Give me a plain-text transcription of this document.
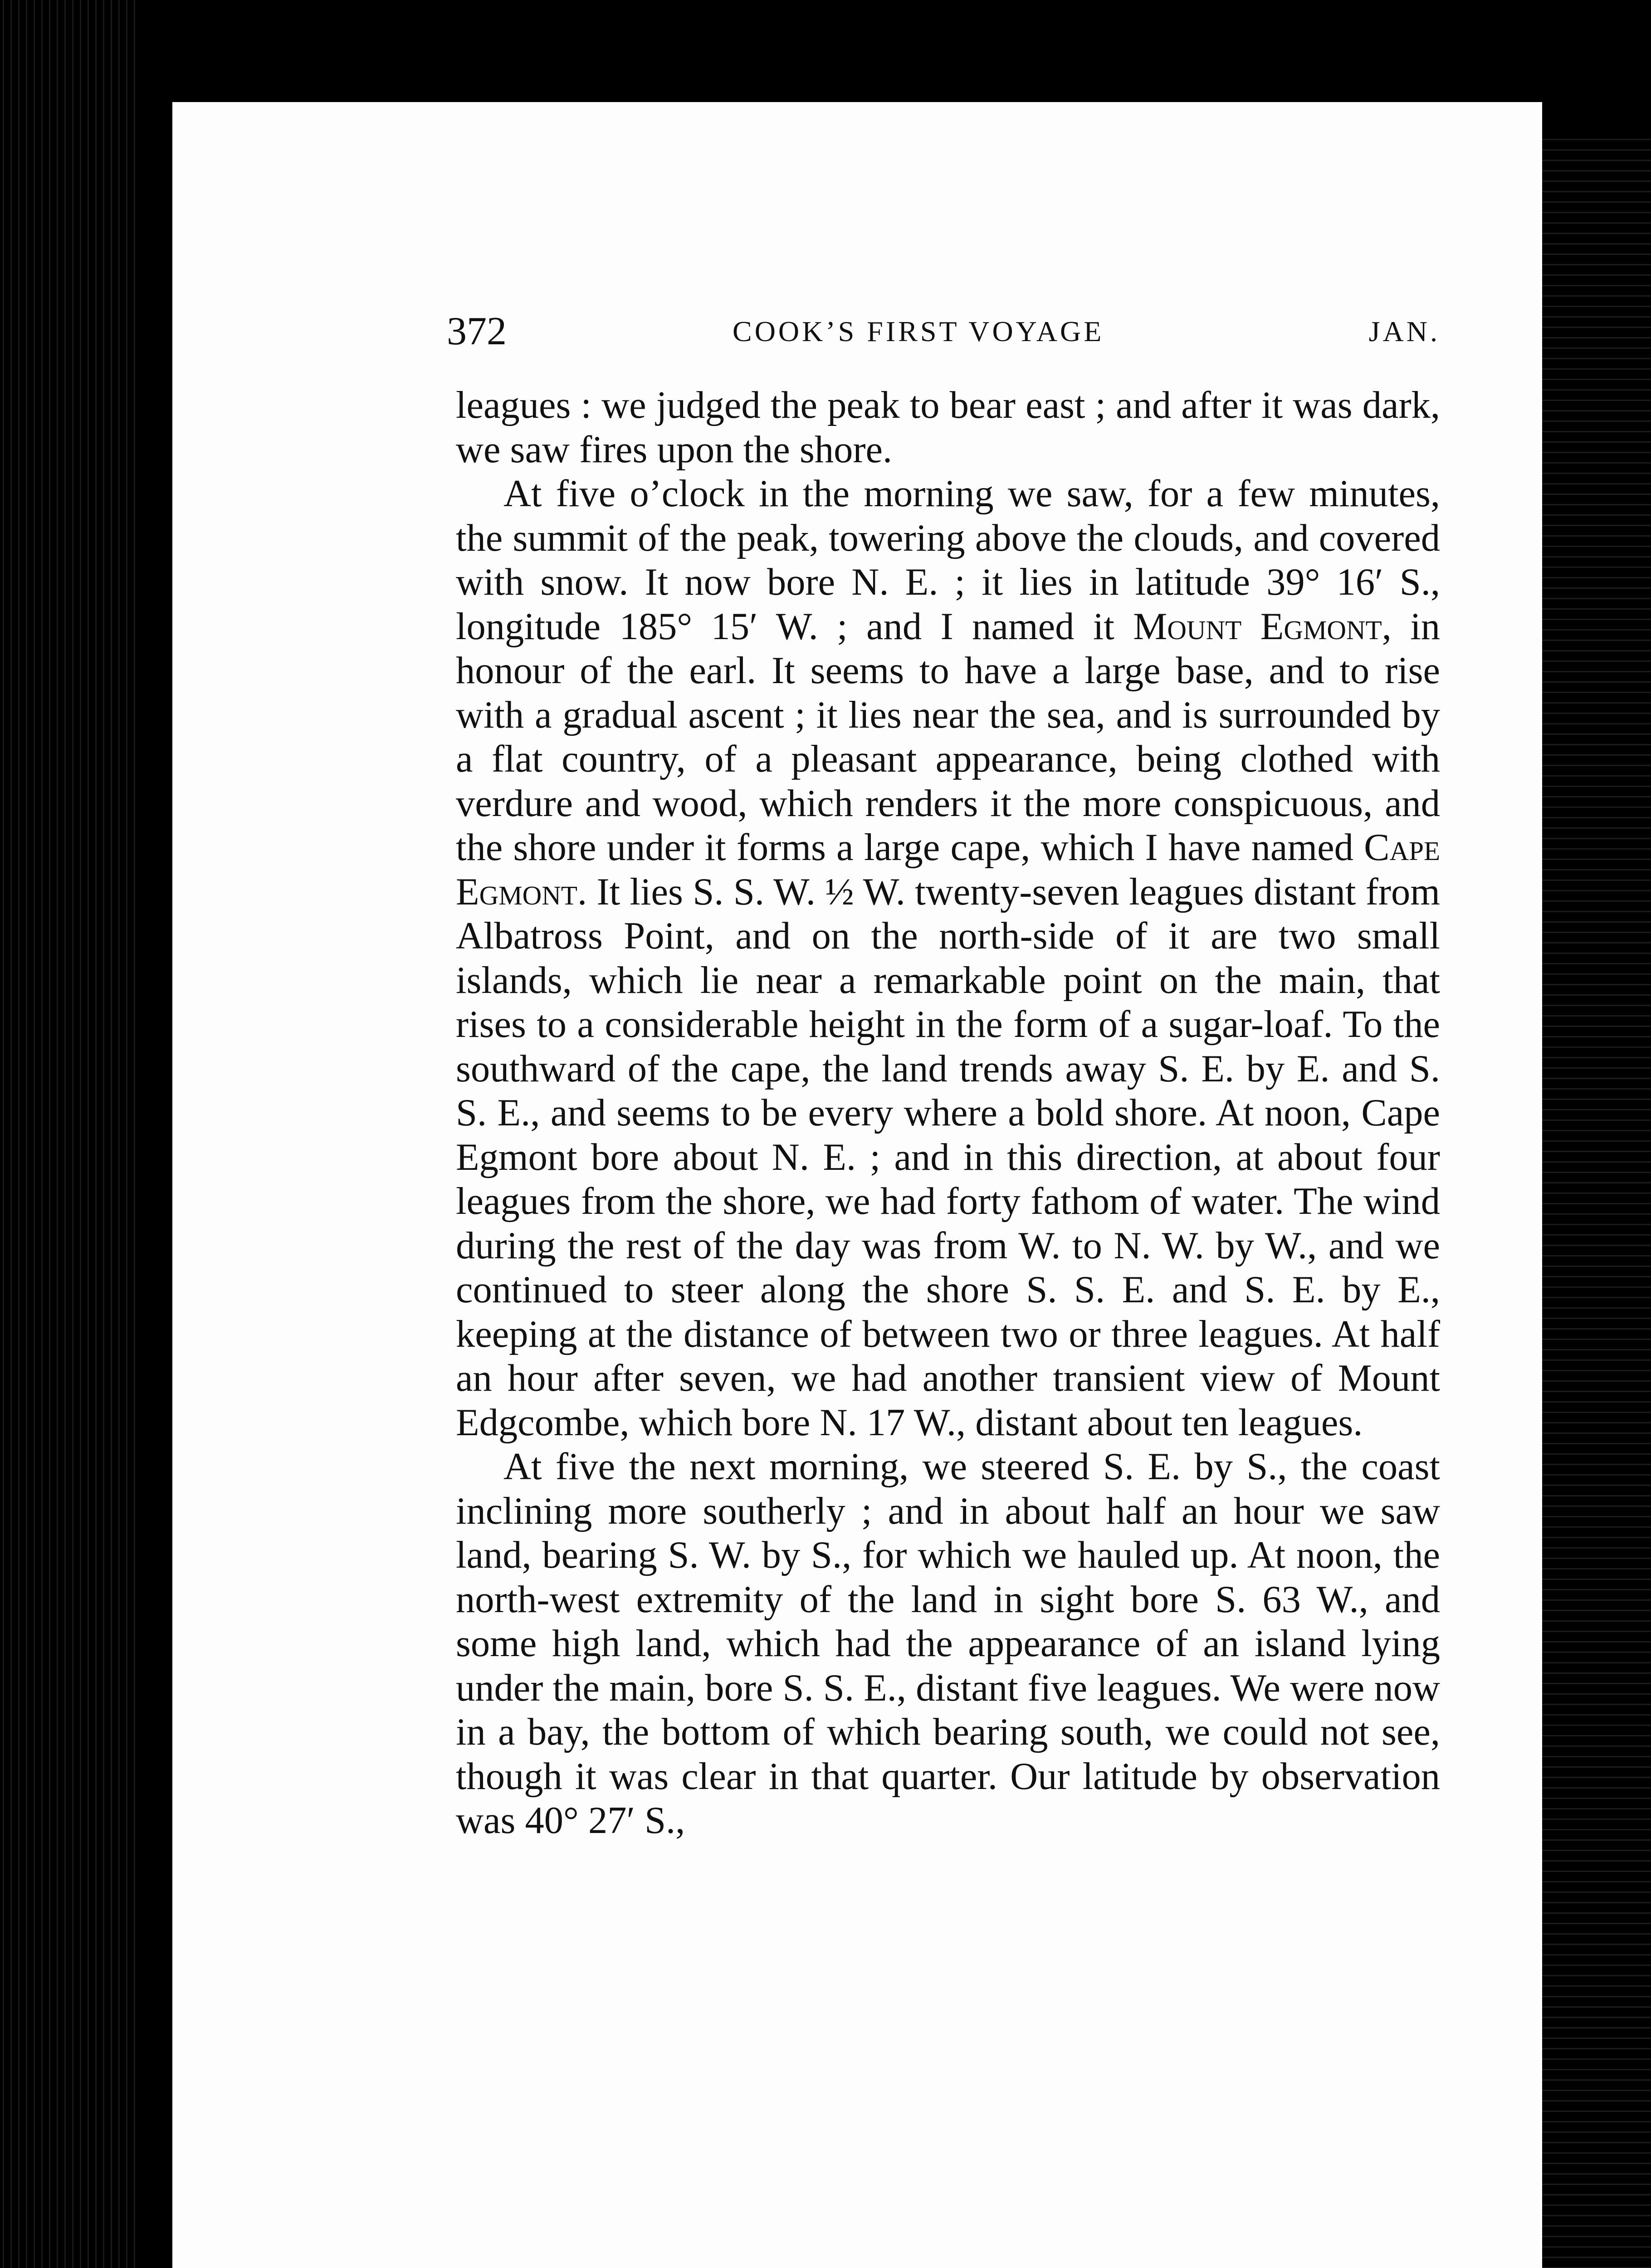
372	COOK’S FIRST VOYAGE	JAN.

leagues : we judged the peak to bear east ; and after it was dark, we saw fires upon the shore.

At five o’clock in the morning we saw, for a few minutes, the summit of the peak, towering above the clouds, and covered with snow. It now bore N. E. ; it lies in latitude 39° 16′ S., longitude 185° 15′ W. ; and I named it Mount Egmont, in honour of the earl. It seems to have a large base, and to rise with a gradual ascent ; it lies near the sea, and is surrounded by a flat country, of a pleasant appearance, being clothed with verdure and wood, which renders it the more conspicuous, and the shore under it forms a large cape, which I have named Cape Egmont. It lies S. S. W. ½ W. twenty-seven leagues distant from Albatross Point, and on the north-side of it are two small islands, which lie near a remarkable point on the main, that rises to a considerable height in the form of a sugar-loaf. To the southward of the cape, the land trends away S. E. by E. and S. S. E., and seems to be every where a bold shore. At noon, Cape Egmont bore about N. E. ; and in this direction, at about four leagues from the shore, we had forty fathom of water. The wind during the rest of the day was from W. to N. W. by W., and we continued to steer along the shore S. S. E. and S. E. by E., keeping at the distance of between two or three leagues. At half an hour after seven, we had another transient view of Mount Edgcombe, which bore N. 17 W., distant about ten leagues.

At five the next morning, we steered S. E. by S., the coast inclining more southerly ; and in about half an hour we saw land, bearing S. W. by S., for which we hauled up. At noon, the north-west extremity of the land in sight bore S. 63 W., and some high land, which had the appearance of an island lying under the main, bore S. S. E., distant five leagues. We were now in a bay, the bottom of which bearing south, we could not see, though it was clear in that quarter. Our latitude by observation was 40° 27′ S.,
